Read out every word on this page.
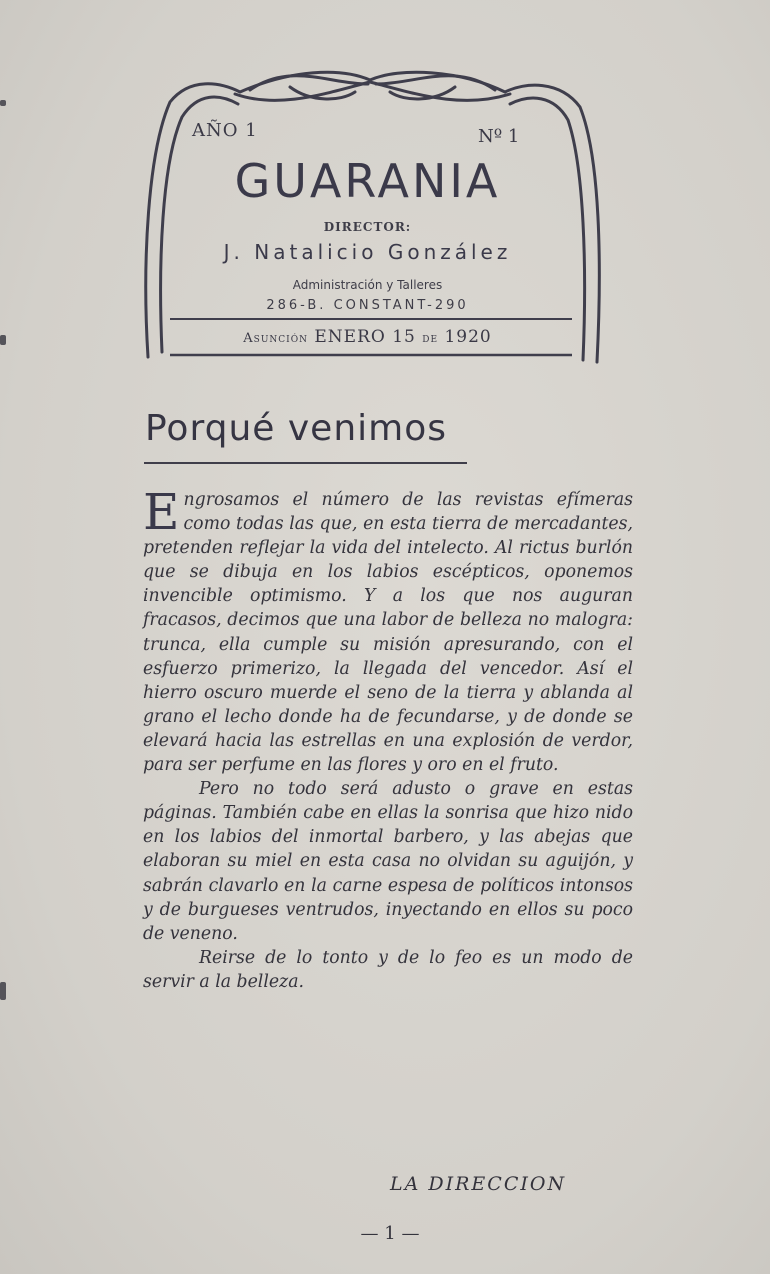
AÑO 1	Nº 1
GUARANIA
DIRECTOR:
J. Natalicio González
Administración y Talleres
286-B. CONSTANT-290
Asunción ENERO 15 de 1920
Porqué venimos

Engrosamos el número de las revistas efímeras como todas las que, en esta tierra de mercadantes, pretenden reflejar la vida del intelecto. Al rictus burlón que se dibuja en los labios escépticos, oponemos invencible optimismo. Y a los que nos auguran fracasos, decimos que una labor de belleza no malogra: trunca, ella cumple su misión apresurando, con el esfuerzo primerizo, la llegada del vencedor. Así el hierro oscuro muerde el seno de la tierra y ablanda al grano el lecho donde ha de fecundarse, y de donde se elevará hacia las estrellas en una explosión de verdor, para ser perfume en las flores y oro en el fruto.

Pero no todo será adusto o grave en estas páginas. También cabe en ellas la sonrisa que hizo nido en los labios del inmortal barbero, y las abejas que elaboran su miel en esta casa no olvidan su aguijón, y sabrán clavarlo en la carne espesa de políticos intonsos y de burgueses ventrudos, inyectando en ellos su poco de veneno.

Reirse de lo tonto y de lo feo es un modo de servir a la belleza.

LA DIRECCION
— 1 —
